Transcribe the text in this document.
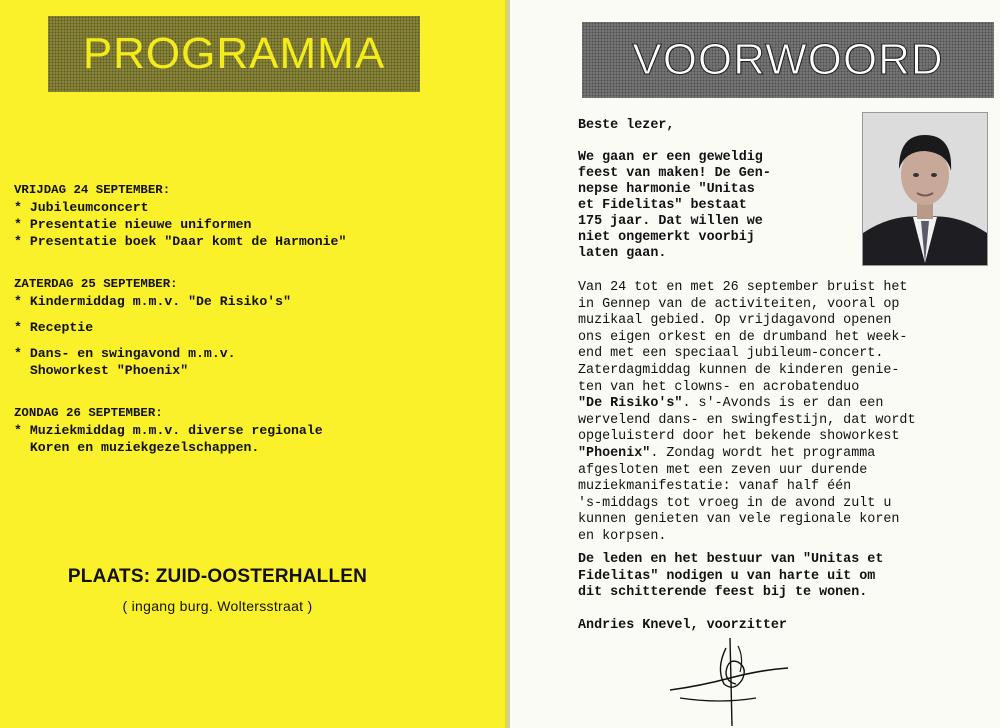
PROGRAMMA

VRIJDAG 24 SEPTEMBER:

* Jubileumconcert

* Presentatie nieuwe uniformen

* Presentatie boek "Daar komt de Harmonie"

ZATERDAG 25 SEPTEMBER:

* Kindermiddag m.m.v. "De Risiko's"

* Receptie

* Dans- en swingavond m.m.v.

Showorkest "Phoenix"

ZONDAG 26 SEPTEMBER:

* Muziekmiddag m.m.v. diverse regionale

Koren en muziekgezelschappen.

PLAATS: ZUID-OOSTERHALLEN
( ingang burg. Woltersstraat )
VOORWOORD

Beste lezer,

We gaan er een geweldig

feest van maken! De Gen-

nepse harmonie "Unitas

et Fidelitas" bestaat

175 jaar. Dat willen we

niet ongemerkt voorbij

laten gaan.

Van 24 tot en met 26 september bruist het

in Gennep van de activiteiten, vooral op

muzikaal gebied. Op vrijdagavond openen

ons eigen orkest en de drumband het week-

end met een speciaal jubileum-concert.

Zaterdagmiddag kunnen de kinderen genie-

ten van het clowns- en acrobatenduo

"De Risiko's". s'-Avonds is er dan een

wervelend dans- en swingfestijn, dat wordt

opgeluisterd door het bekende showorkest

"Phoenix". Zondag wordt het programma

afgesloten met een zeven uur durende

muziekmanifestatie: vanaf half één

's-middags tot vroeg in de avond zult u

kunnen genieten van vele regionale koren

en korpsen.

De leden en het bestuur van "Unitas et

Fidelitas" nodigen u van harte uit om

dit schitterende feest bij te wonen.

Andries Knevel, voorzitter
